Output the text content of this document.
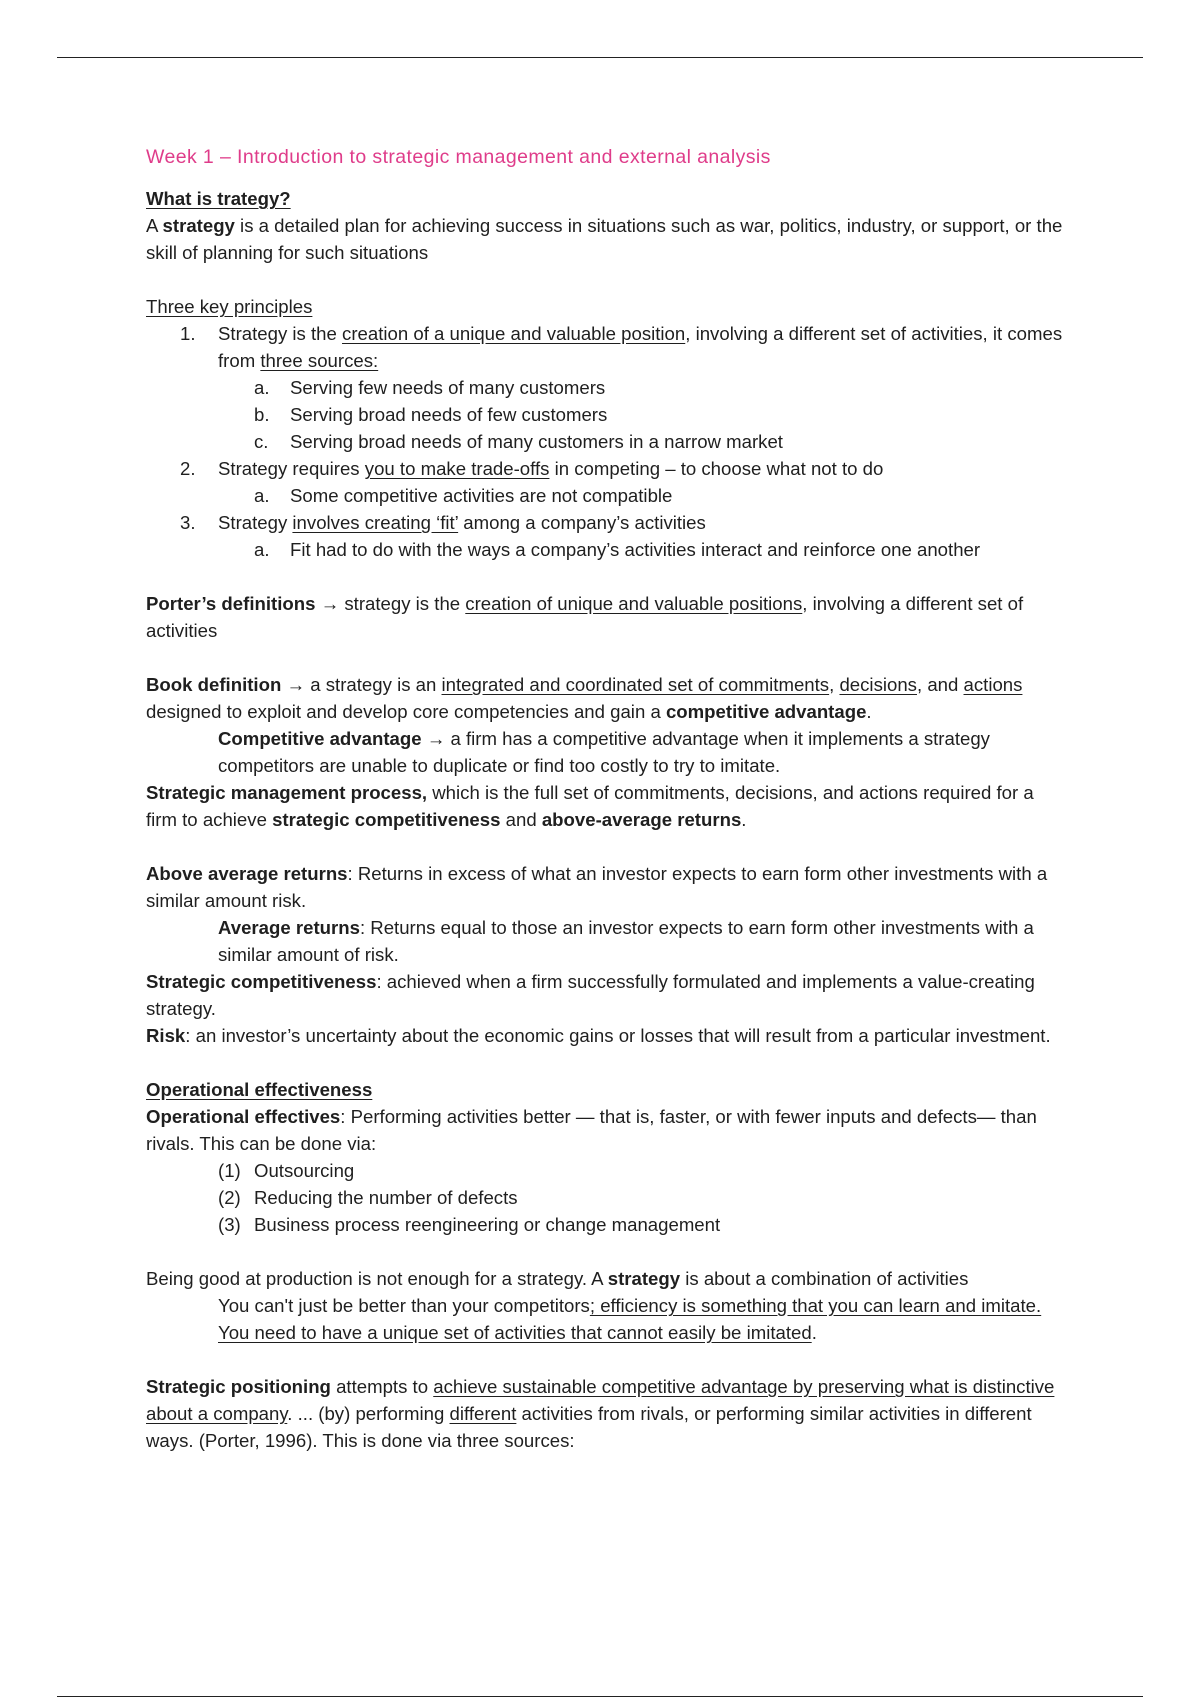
Week 1 – Introduction to strategic management and external analysis

What is trategy?

A strategy is a detailed plan for achieving success in situations such as war, politics, industry, or support, or the skill of planning for such situations

Three key principles

1.	Strategy is the creation of a unique and valuable position, involving a different set of activities, it comes from three sources:
a.	Serving few needs of many customers
b.	Serving broad needs of few customers
c.	Serving broad needs of many customers in a narrow market
2.	Strategy requires you to make trade-offs in competing – to choose what not to do
a.	Some competitive activities are not compatible
3.	Strategy involves creating ‘fit’ among a company’s activities
a.	Fit had to do with the ways a company’s activities interact and reinforce one another

Porter’s definitions → strategy is the creation of unique and valuable positions, involving a different set of activities

Book definition → a strategy is an integrated and coordinated set of commitments, decisions, and actions designed to exploit and develop core competencies and gain a competitive advantage.

Competitive advantage → a firm has a competitive advantage when it implements a strategy competitors are unable to duplicate or find too costly to try to imitate.

Strategic management process, which is the full set of commitments, decisions, and actions required for a firm to achieve strategic competitiveness and above-average returns.

Above average returns: Returns in excess of what an investor expects to earn form other investments with a similar amount risk.

Average returns: Returns equal to those an investor expects to earn form other investments with a similar amount of risk.

Strategic competitiveness: achieved when a firm successfully formulated and implements a value-creating strategy.

Risk: an investor’s uncertainty about the economic gains or losses that will result from a particular investment.

Operational effectiveness

Operational effectives: Performing activities better — that is, faster, or with fewer inputs and defects— than rivals. This can be done via:

(1) Outsourcing
(2) Reducing the number of defects
(3) Business process reengineering or change management

Being good at production is not enough for a strategy. A strategy is about a combination of activities

You can't just be better than your competitors; efficiency is something that you can learn and imitate. You need to have a unique set of activities that cannot easily be imitated.

Strategic positioning attempts to achieve sustainable competitive advantage by preserving what is distinctive about a company. ... (by) performing different activities from rivals, or performing similar activities in different ways. (Porter, 1996). This is done via three sources:
